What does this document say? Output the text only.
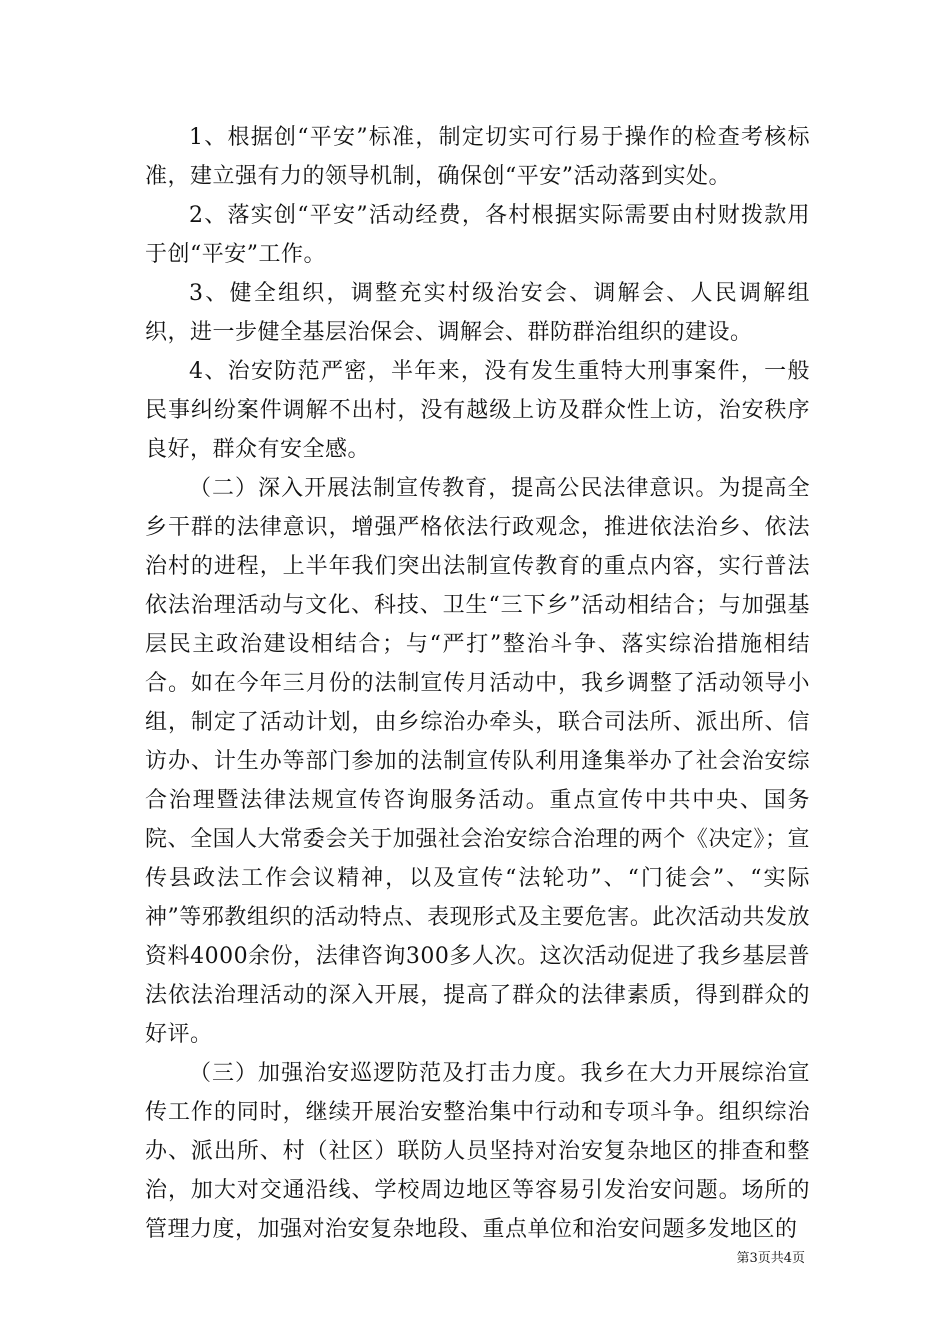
1、根据创“平安”标准，制定切实可行易于操作的检查考核标准，建立强有力的领导机制，确保创“平安”活动落到实处。

2、落实创“平安”活动经费，各村根据实际需要由村财拨款用于创“平安”工作。

3、健全组织，调整充实村级治安会、调解会、人民调解组织，进一步健全基层治保会、调解会、群防群治组织的建设。

4、治安防范严密，半年来，没有发生重特大刑事案件，一般民事纠纷案件调解不出村，没有越级上访及群众性上访，治安秩序良好，群众有安全感。

（二）深入开展法制宣传教育，提高公民法律意识。为提高全乡干群的法律意识，增强严格依法行政观念，推进依法治乡、依法治村的进程，上半年我们突出法制宣传教育的重点内容，实行普法依法治理活动与文化、科技、卫生“三下乡”活动相结合；与加强基层民主政治建设相结合；与“严打”整治斗争、落实综治措施相结合。如在今年三月份的法制宣传月活动中，我乡调整了活动领导小组，制定了活动计划，由乡综治办牵头，联合司法所、派出所、信访办、计生办等部门参加的法制宣传队利用逢集举办了社会治安综合治理暨法律法规宣传咨询服务活动。重点宣传中共中央、国务院、全国人大常委会关于加强社会治安综合治理的两个《决定》；宣传县政法工作会议精神，以及宣传“法轮功”、“门徒会”、“实际神”等邪教组织的活动特点、表现形式及主要危害。此次活动共发放资料4000余份，法律咨询300多人次。这次活动促进了我乡基层普法依法治理活动的深入开展，提高了群众的法律素质，得到群众的好评。

（三）加强治安巡逻防范及打击力度。我乡在大力开展综治宣传工作的同时，继续开展治安整治集中行动和专项斗争。组织综治办、派出所、村（社区）联防人员坚持对治安复杂地区的排查和整治，加大对交通沿线、学校周边地区等容易引发治安问题。场所的管理力度，加强对治安复杂地段、重点单位和治安问题多发地区的

第3页共4页
